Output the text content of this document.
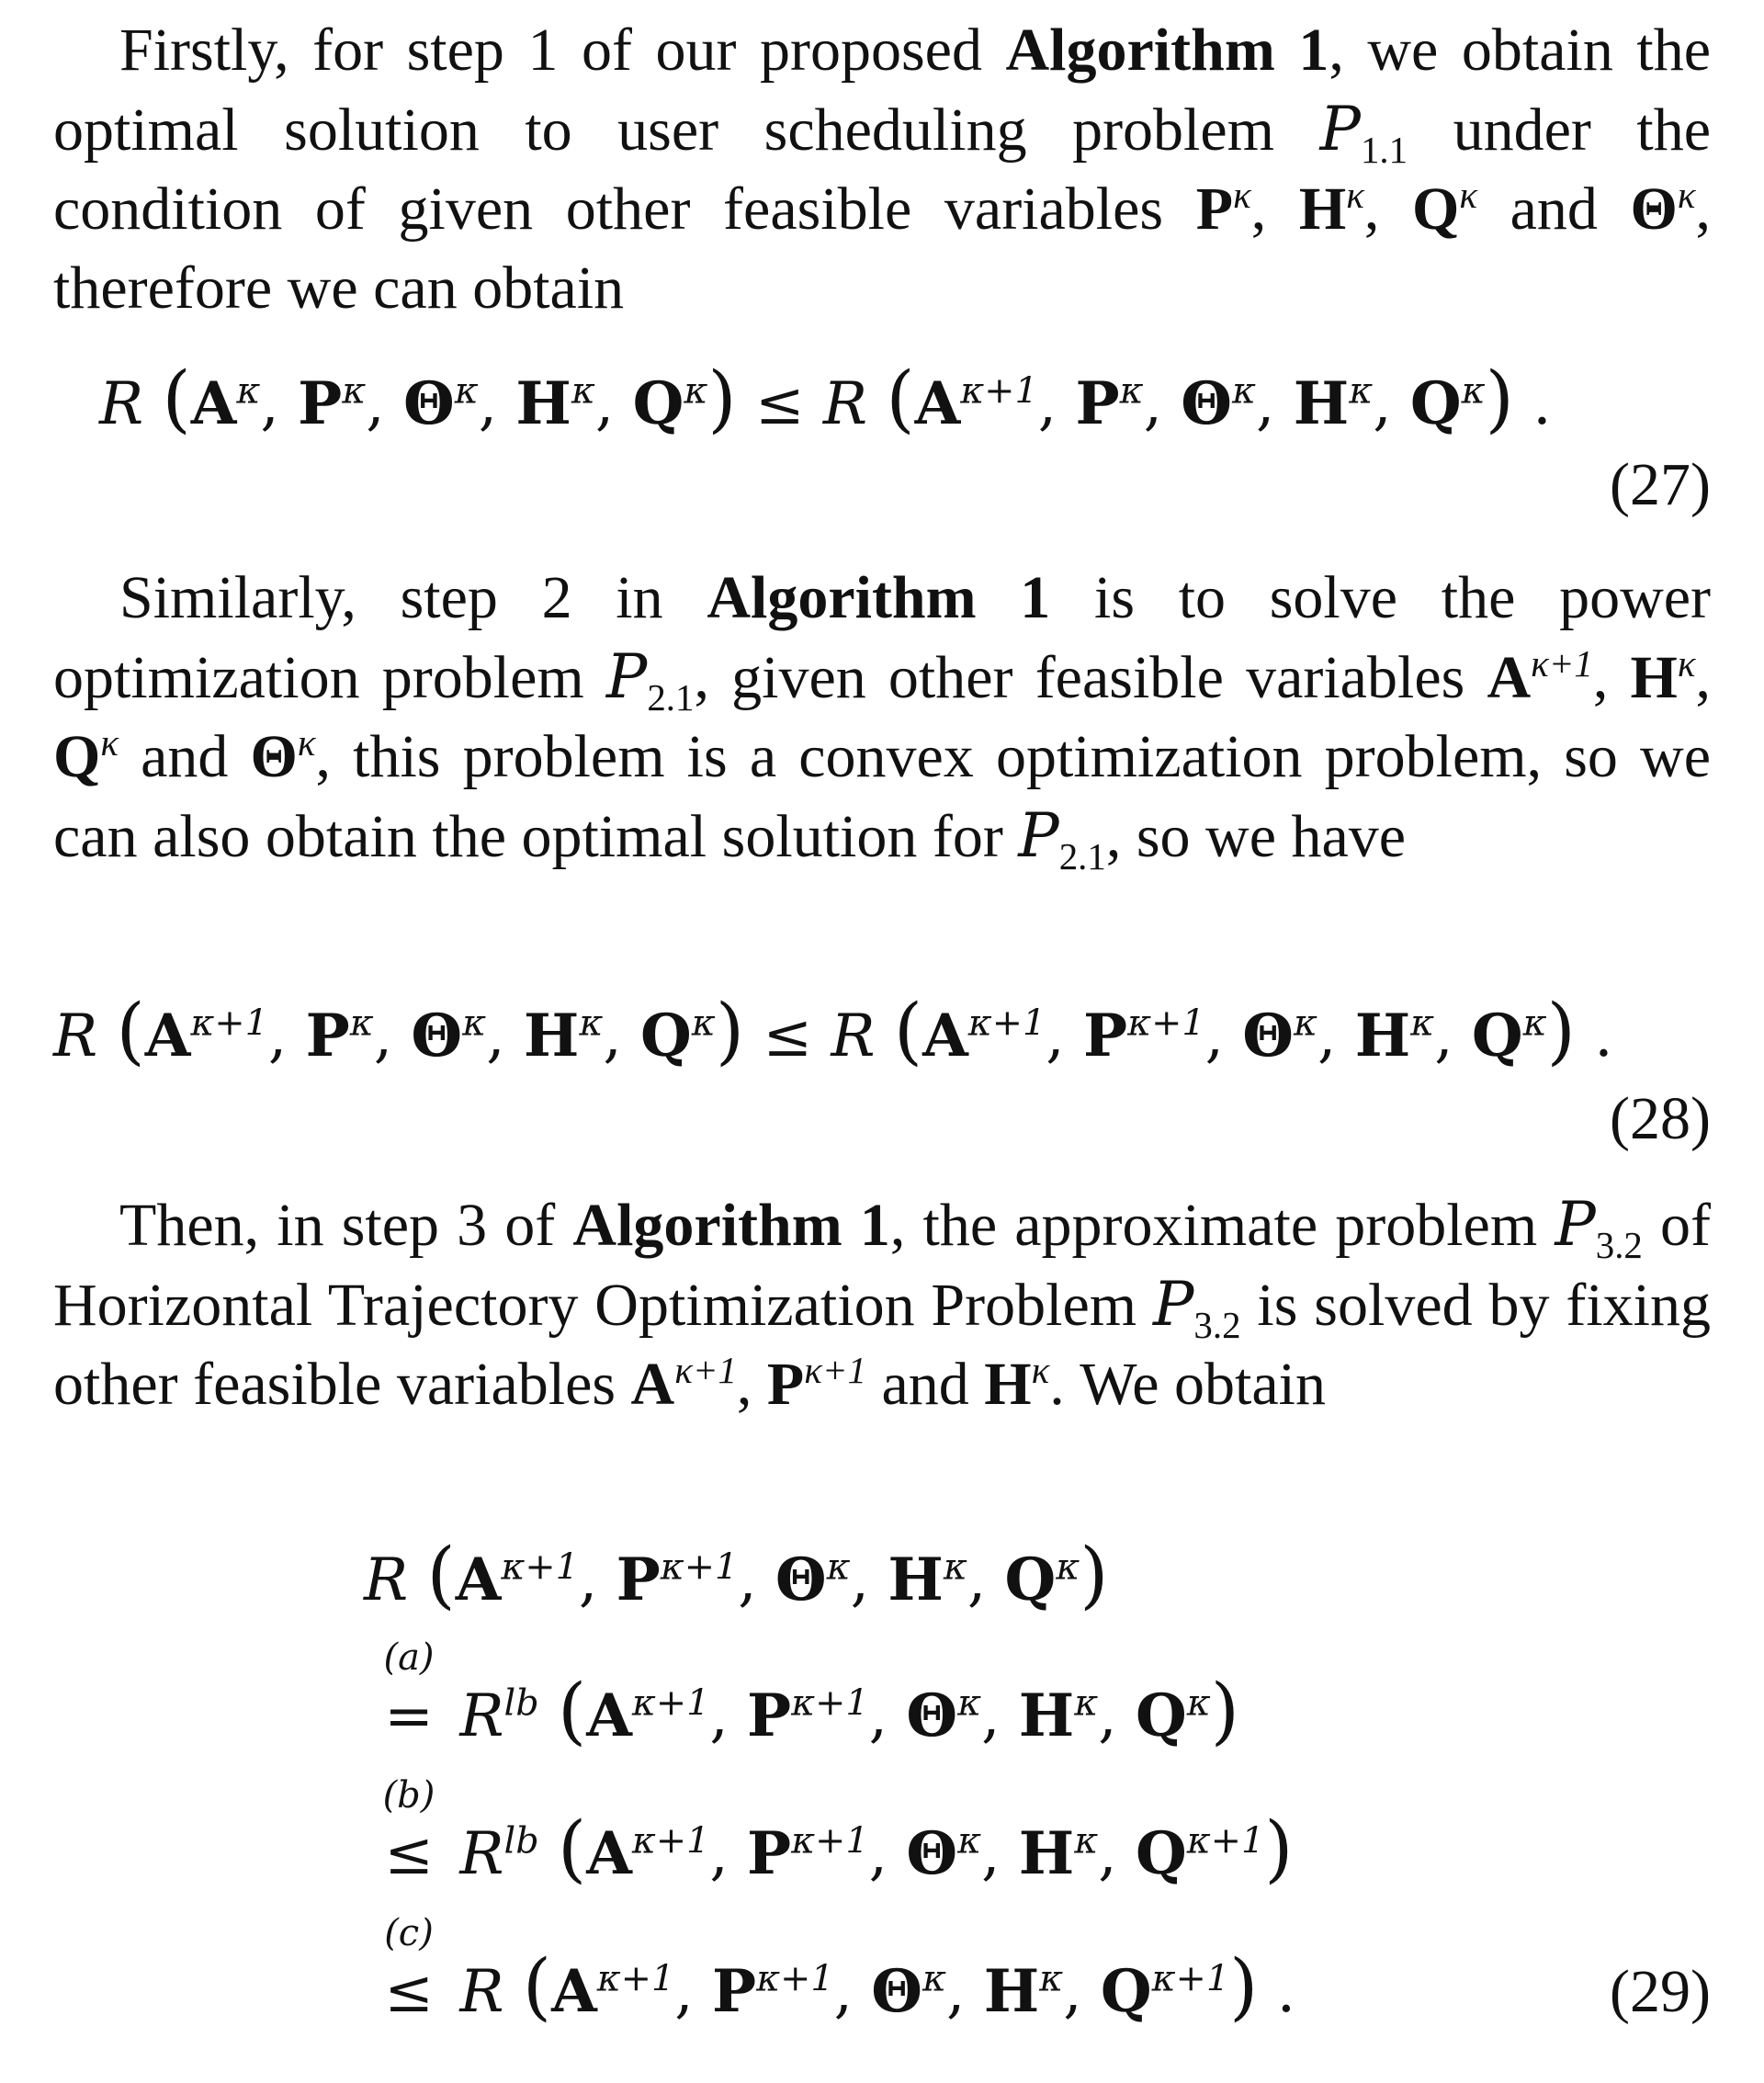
Firstly, for step 1 of our proposed Algorithm 1, we obtain the optimal solution to user scheduling problem $P_{1.1}$ under the condition of given other feasible variables $P^\kappa$, $H^\kappa$, $Q^\kappa$ and $\Theta^\kappa$, therefore we can obtain

R ($A^\kappa$, $P^\kappa$, $\Theta^\kappa$, $H^\kappa$, $Q^\kappa) \le R$ ($A^{\kappa+1}$, $P^\kappa$, $\Theta^\kappa$, $H^\kappa$, $Q^\kappa$) .
(27)

Similarly, step 2 in Algorithm 1 is to solve the power optimization problem $P_{2.1}$, given other feasible variables $A^{\kappa+1}$, $H^\kappa$, $Q^\kappa$ and $\Theta^\kappa$, this problem is a convex optimization problem, so we can also obtain the optimal solution for $P_{2.1}$, so we have

R ($A^{\kappa+1}$, $P^\kappa$, $\Theta^\kappa$, $H^\kappa$, $Q^\kappa) \le R$ ($A^{\kappa+1}$, $P^{\kappa+1}$, $\Theta^\kappa$, $H^\kappa$, $Q^\kappa$) .
(28)

Then, in step 3 of Algorithm 1, the approximate problem $P_{3.2}$ of Horizontal Trajectory Optimization Problem $P_{3.2}$ is solved by fixing other feasible variables $A^{\kappa+1}$, $P^{\kappa+1}$ and $H^\kappa$. We obtain

R ($A^{\kappa+1}$, $P^{\kappa+1}$, $\Theta^\kappa$, $H^\kappa$, $Q^\kappa$)
(a)
= $R^{lb}$ ($A^{\kappa+1}$, $P^{\kappa+1}$, $\Theta^\kappa$, $H^\kappa$, $Q^\kappa$)
(b)
≤ $R^{lb}$ ($A^{\kappa+1}$, $P^{\kappa+1}$, $\Theta^\kappa$, $H^\kappa$, $Q^{\kappa+1}$)
(c)
≤ R ($A^{\kappa+1}$, $P^{\kappa+1}$, $\Theta^\kappa$, $H^\kappa$, $Q^{\kappa+1}$) .	(29)
